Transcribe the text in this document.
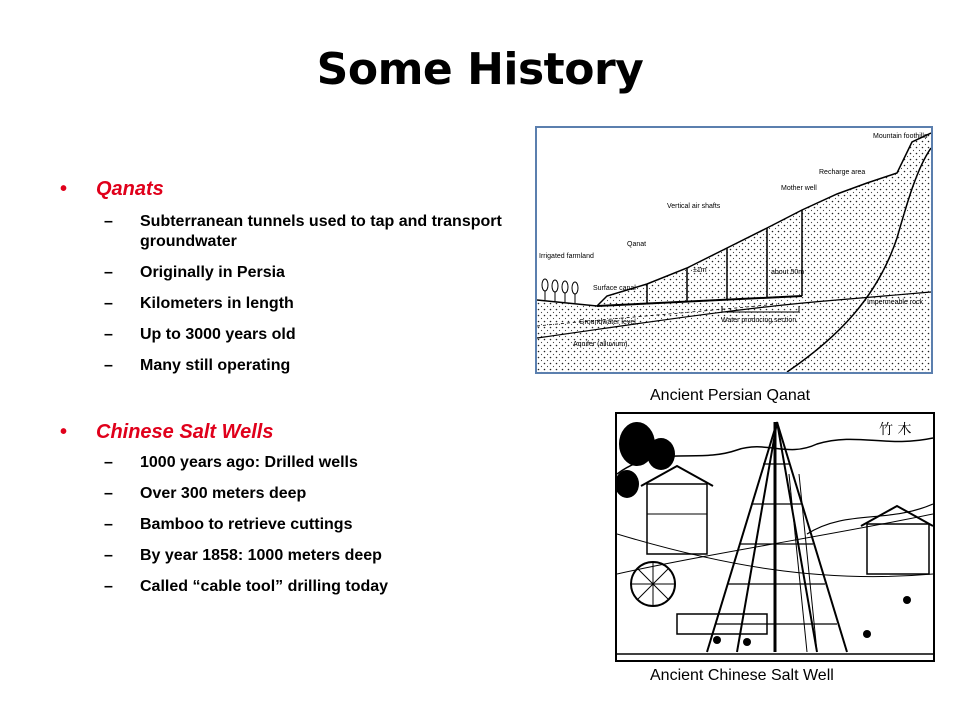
Some History
• Qanats
– Subterranean tunnels used to tap and transport groundwater
– Originally in Persia
– Kilometers in length
– Up to 3000 years old
– Many still operating
• Chinese Salt Wells
– 1000 years ago: Drilled wells
– Over 300 meters deep
– Bamboo to retrieve cuttings
– By year 1858: 1000 meters deep
– Called “cable tool” drilling today
Mountain foothills
Recharge area
Mother well
Vertical air shafts
Qanat
Irrigated farmland
Surface canal
±1m	about 50m
Groundwater level	Water producing section
Impermeable rock
Aquifer (alluvium)
Ancient Persian Qanat
竹 木
Ancient Chinese Salt Well
